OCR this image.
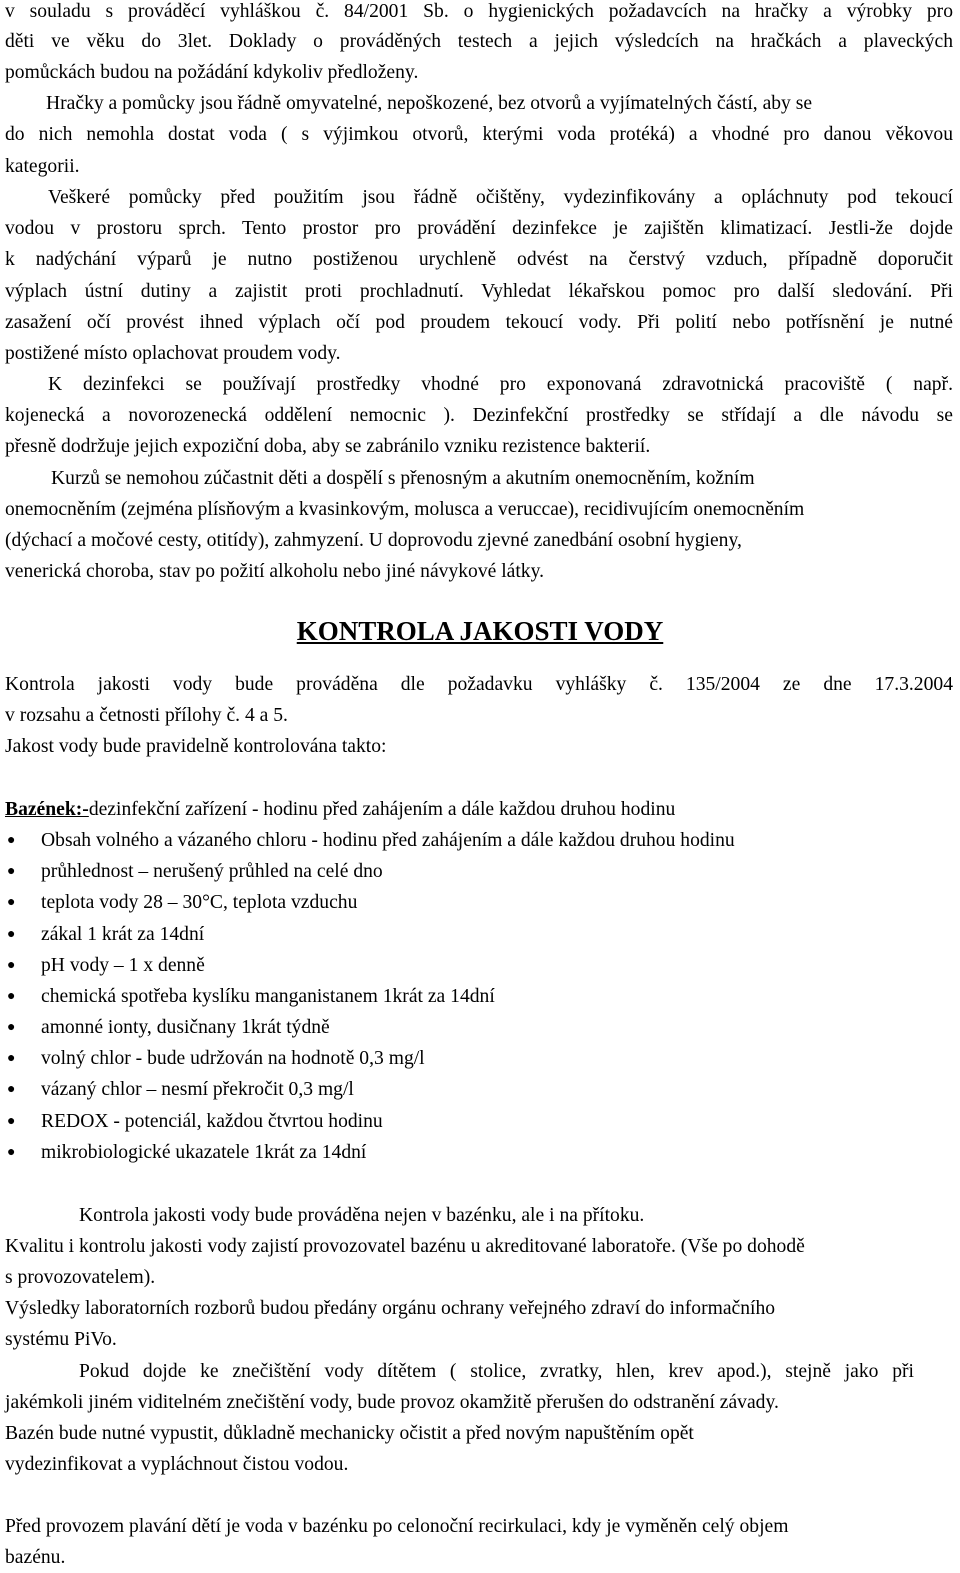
v souladu s prováděcí vyhláškou č. 84/2001 Sb. o hygienických požadavcích na hračky a výrobky pro
děti ve věku do 3let. Doklady o prováděných testech a jejich výsledcích na hračkách a plaveckých
pomůckách budou na požádání kdykoliv předloženy.
Hračky a pomůcky jsou řádně omyvatelné, nepoškozené, bez otvorů a vyjímatelných částí, aby se
do nich nemohla dostat voda ( s výjimkou otvorů, kterými voda protéká) a vhodné pro danou věkovou
kategorii.
Veškeré pomůcky před použitím jsou řádně očištěny, vydezinfikovány a opláchnuty pod tekoucí
vodou v prostoru sprch. Tento prostor pro provádění dezinfekce je zajištěn klimatizací. Jestli-že dojde
k nadýchání výparů je nutno postiženou urychleně odvést na čerstvý vzduch, případně doporučit
výplach ústní dutiny a zajistit proti prochladnutí. Vyhledat lékařskou pomoc pro další sledování. Při
zasažení očí provést ihned výplach očí pod proudem tekoucí vody. Při polití nebo potřísnění je nutné
postižené místo oplachovat proudem vody.
K dezinfekci se používají prostředky vhodné pro exponovaná zdravotnická pracoviště ( např.
kojenecká a novorozenecká oddělení nemocnic ). Dezinfekční prostředky se střídají a dle návodu se
přesně dodržuje jejich expoziční doba, aby se zabránilo vzniku rezistence bakterií.
Kurzů se nemohou zúčastnit děti a dospělí s přenosným a akutním onemocněním, kožním
onemocněním (zejména plísňovým a kvasinkovým, molusca a veruccae), recidivujícím onemocněním
(dýchací a močové cesty, otitídy), zahmyzení. U doprovodu zjevné zanedbání osobní hygieny,
venerická choroba, stav po požití alkoholu nebo jiné návykové látky.
KONTROLA JAKOSTI VODY
Kontrola jakosti vody bude prováděna dle požadavku vyhlášky č. 135/2004 ze dne 17.3.2004
v rozsahu a četnosti přílohy č. 4 a 5.
Jakost vody bude pravidelně kontrolována takto:
Bazének:-dezinfekční zařízení - hodinu před zahájením a dále každou druhou hodinu
● Obsah volného a vázaného chloru - hodinu před zahájením a dále každou druhou hodinu
● průhlednost – nerušený průhled na celé dno
● teplota vody 28 – 30°C, teplota vzduchu
● zákal 1 krát za 14dní
● pH vody – 1 x denně
● chemická spotřeba kyslíku manganistanem 1krát za 14dní
● amonné ionty, dusičnany 1krát týdně
● volný chlor - bude udržován na hodnotě 0,3 mg/l
● vázaný chlor – nesmí překročit 0,3 mg/l
● REDOX - potenciál, každou čtvrtou hodinu
● mikrobiologické ukazatele 1krát za 14dní
Kontrola jakosti vody bude prováděna nejen v bazénku, ale i na přítoku.
Kvalitu i kontrolu jakosti vody zajistí provozovatel bazénu u akreditované laboratoře. (Vše po dohodě
s provozovatelem).
Výsledky laboratorních rozborů budou předány orgánu ochrany veřejného zdraví do informačního
systému PiVo.
Pokud dojde ke znečištění vody dítětem ( stolice, zvratky, hlen, krev apod.), stejně jako při
jakémkoli jiném viditelném znečištění vody, bude provoz okamžitě přerušen do odstranění závady.
Bazén bude nutné vypustit, důkladně mechanicky očistit a před novým napuštěním opět
vydezinfikovat a vypláchnout čistou vodou.
Před provozem plavání dětí je voda v bazénku po celonoční recirkulaci, kdy je vyměněn celý objem
bazénu.
